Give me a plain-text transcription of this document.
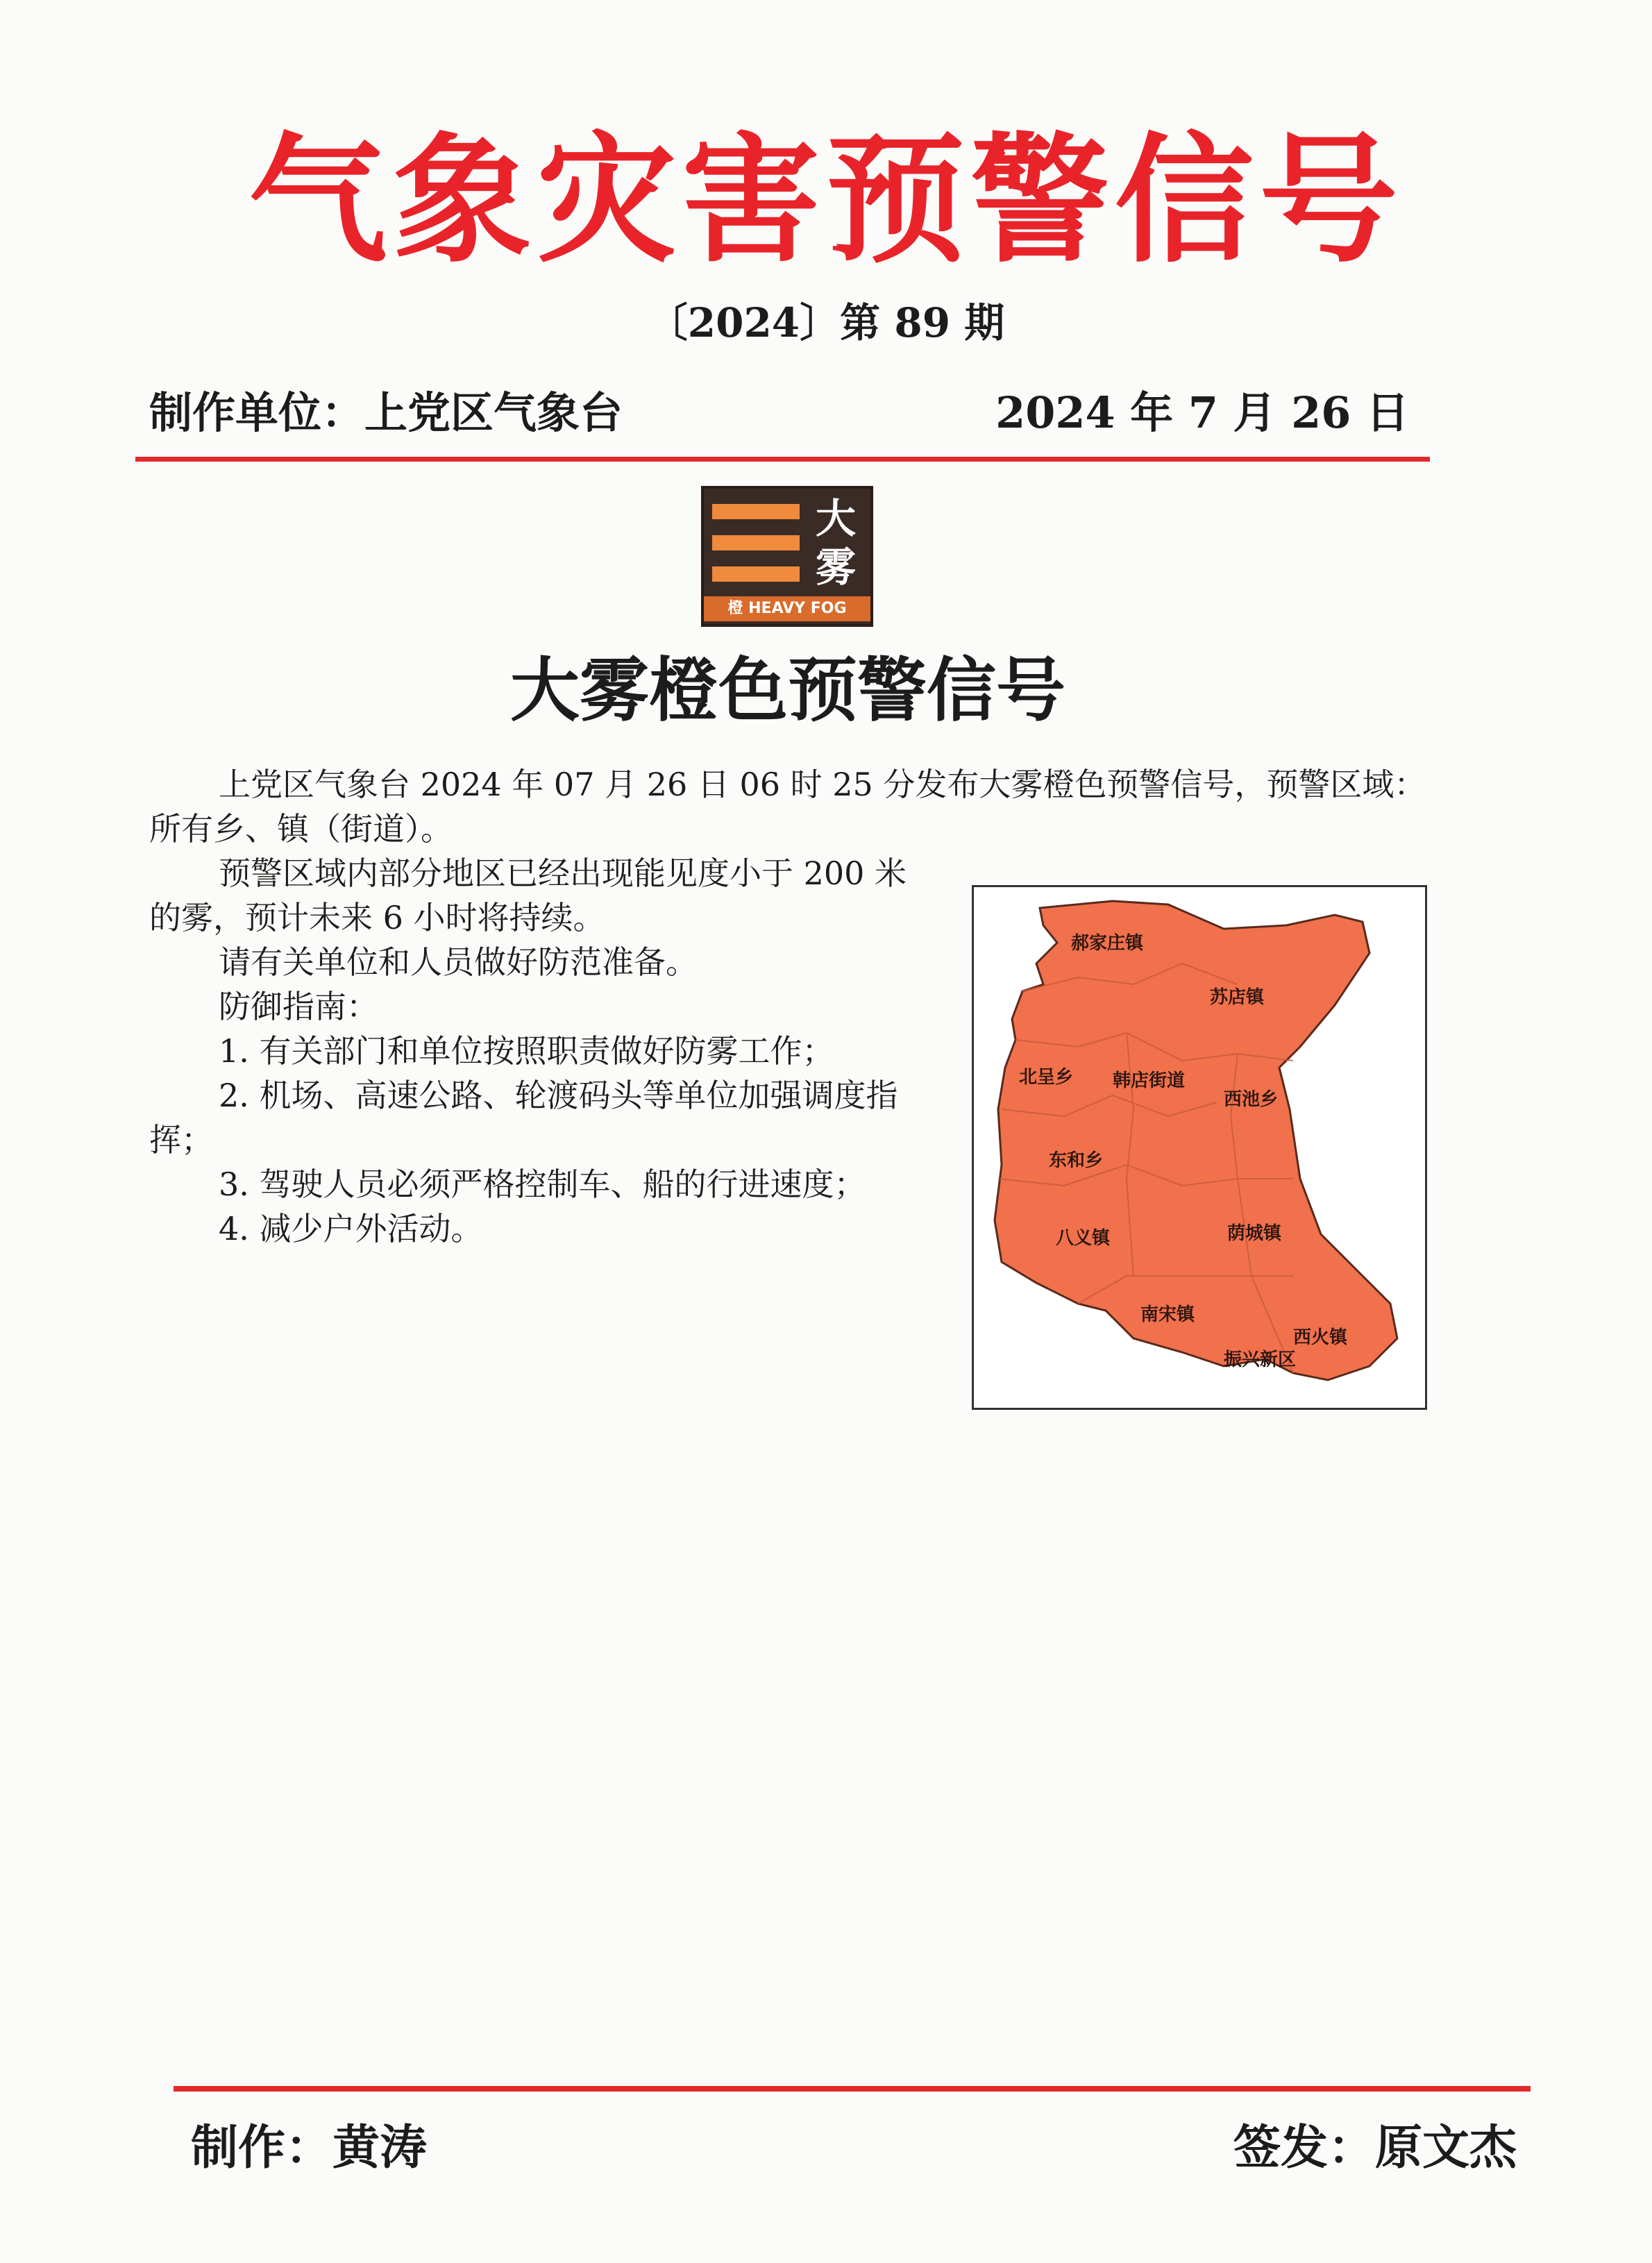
气象灾害预警信号
〔2024〕第 89 期
制作单位：上党区气象台	2024 年 7 月 26 日
大
雾
橙 HEAVY FOG
大雾橙色预警信号
上党区气象台 2024 年 07 月 26 日 06 时 25 分发布大雾橙色预警信号，预警区域：
所有乡、镇（街道）。
预警区域内部分地区已经出现能见度小于 200 米
的雾，预计未来 6 小时将持续。
请有关单位和人员做好防范准备。
防御指南：
1. 有关部门和单位按照职责做好防雾工作；
2. 机场、高速公路、轮渡码头等单位加强调度指
挥；
3. 驾驶人员必须严格控制车、船的行进速度；
4. 减少户外活动。
郝家庄镇
苏店镇
北呈乡 韩店街道
西池乡
东和乡
八义镇	荫城镇
南宋镇
西火镇
振兴新区
制作：黄涛	签发：原文杰
